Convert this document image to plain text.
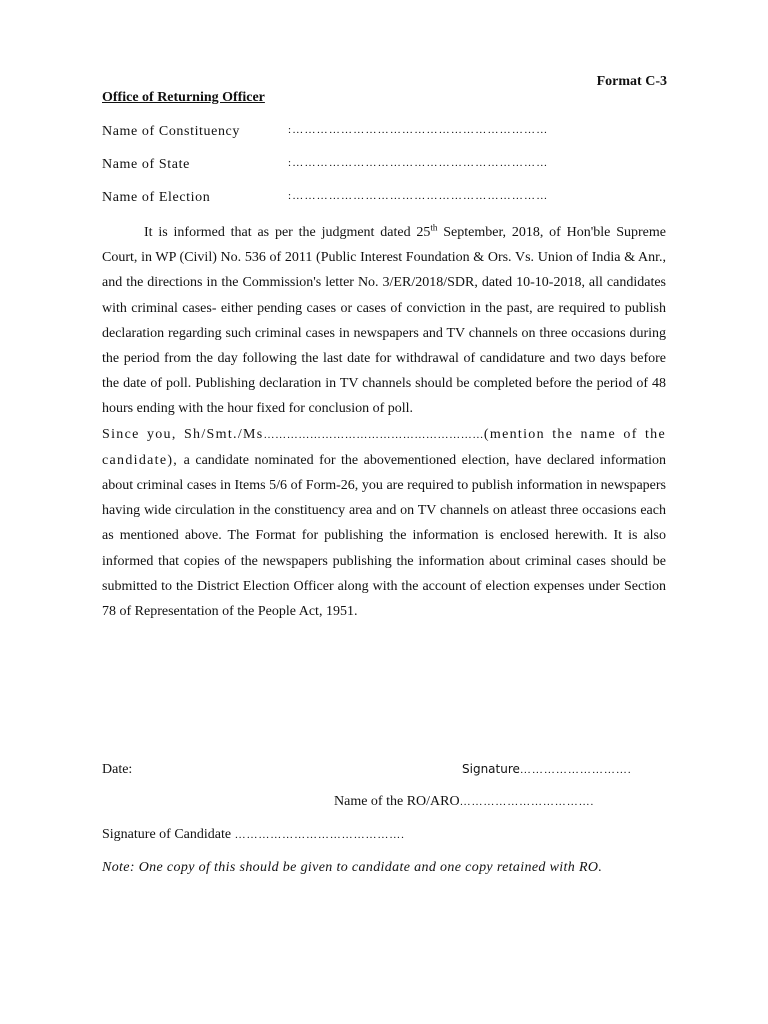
Format C-3
Office of Returning Officer
Name of Constituency	:………………………………………………………
Name of State	:………………………………………………………
Name of Election	:………………………………………………………

It is informed that as per the judgment dated 25th September, 2018, of Hon'ble Supreme Court, in WP (Civil) No. 536 of 2011 (Public Interest Foundation & Ors. Vs. Union of India & Anr., and the directions in the Commission's letter No. 3/ER/2018/SDR, dated 10-10-2018, all candidates with criminal cases- either pending cases or cases of conviction in the past, are required to publish declaration regarding such criminal cases in newspapers and TV channels on three occasions during the period from the day following the last date for withdrawal of candidature and two days before the date of poll. Publishing declaration in TV channels should be completed before the period of 48 hours ending with the hour fixed for conclusion of poll.

Since you, Sh/Smt./Ms…………………………………………………(mention the name of the candidate), a candidate nominated for the abovementioned election, have declared information about criminal cases in Items 5/6 of Form-26, you are required to publish information in newspapers having wide circulation in the constituency area and on TV channels on atleast three occasions each as mentioned above. The Format for publishing the information is enclosed herewith. It is also informed that copies of the newspapers publishing the information about criminal cases should be submitted to the District Election Officer along with the account of election expenses under Section 78 of Representation of the People Act, 1951.

Date:	Signature……………………….
Name of the RO/ARO…………………………….
Signature of Candidate …………………………………….
Note: One copy of this should be given to candidate and one copy retained with RO.
